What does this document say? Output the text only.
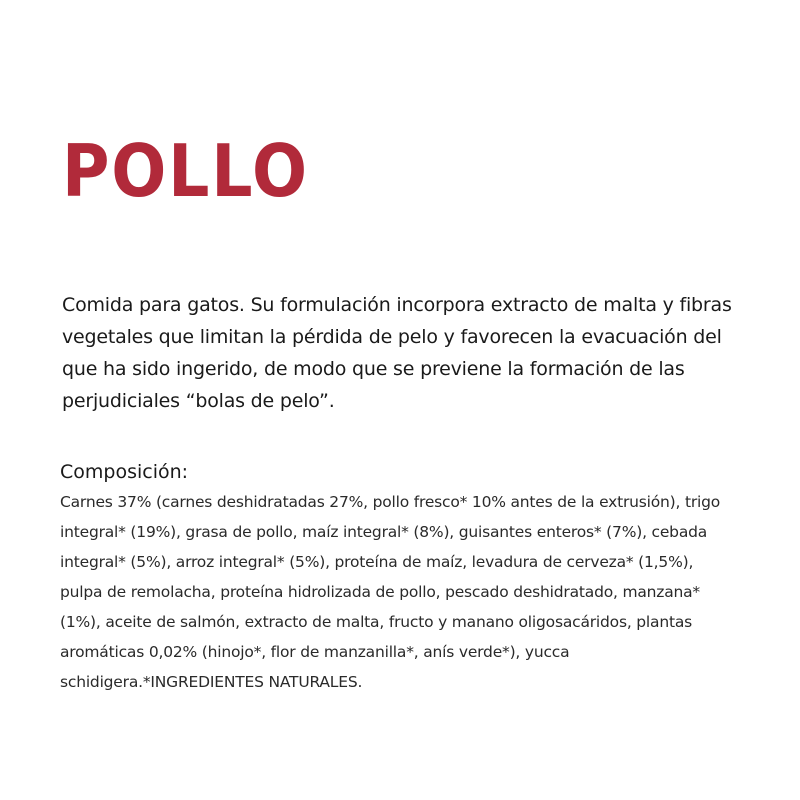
POLLO

Comida para gatos. Su formulación incorpora extracto de malta y fibras vegetales que limitan la pérdida de pelo y favorecen la evacuación del que ha sido ingerido, de modo que se previene la formación de las perjudiciales “bolas de pelo”.

Composición:

Carnes 37% (carnes deshidratadas 27%, pollo fresco* 10% antes de la extrusión), trigo integral* (19%), grasa de pollo, maíz integral* (8%), guisantes enteros* (7%), cebada integral* (5%), arroz integral* (5%), proteína de maíz, levadura de cerveza* (1,5%), pulpa de remolacha, proteína hidrolizada de pollo, pescado deshidratado, manzana* (1%), aceite de salmón, extracto de malta, fructo y manano oligosacáridos, plantas aromáticas 0,02% (hinojo*, flor de manzanilla*, anís verde*), yucca schidigera.*INGREDIENTES NATURALES.
